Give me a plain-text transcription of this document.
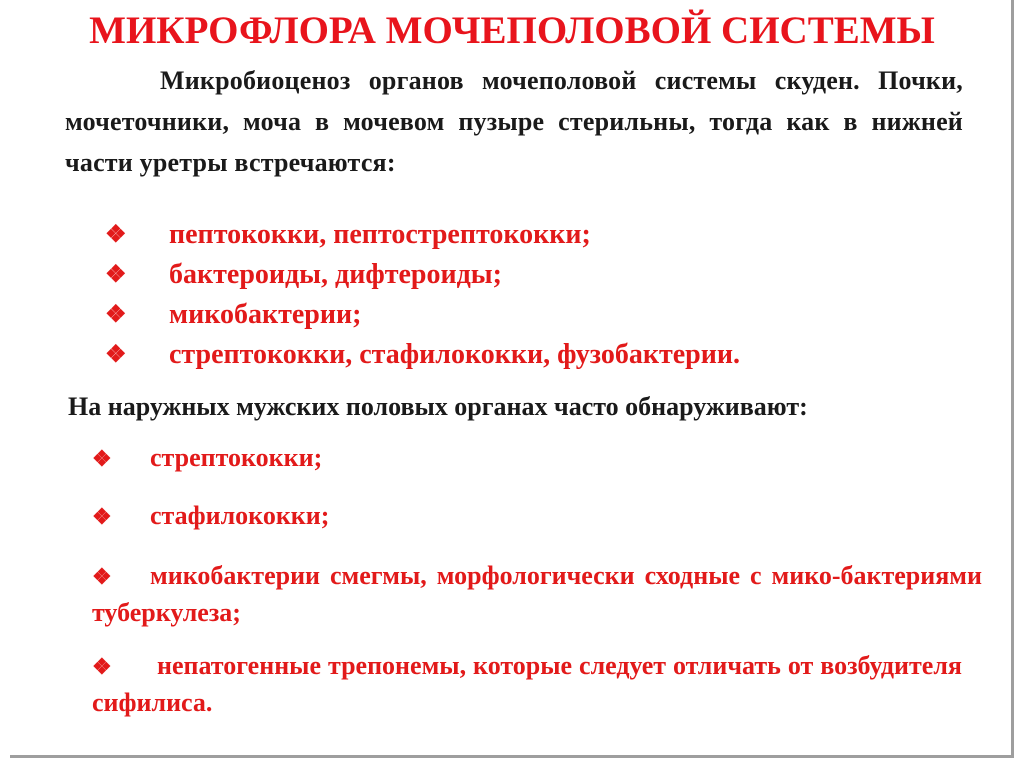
МИКРОФЛОРА МОЧЕПОЛОВОЙ СИСТЕМЫ
Микробиоценоз органов мочеполовой системы скуден. Почки, мочеточники, моча в мочевом пузыре стерильны, тогда как в нижней части уретры встречаются:
❖ пептококки, пептострептококки;
❖ бактероиды, дифтероиды;
❖ микобактерии;
❖ стрептококки, стафилококки, фузобактерии.
На наружных мужских половых органах часто обнаруживают:
❖ стрептококки;
❖ стафилококки;
❖ микобактерии смегмы, морфологически сходные с мико-бактериями туберкулеза;
❖ непатогенные трепонемы, которые следует отличать от возбудителя сифилиса.
